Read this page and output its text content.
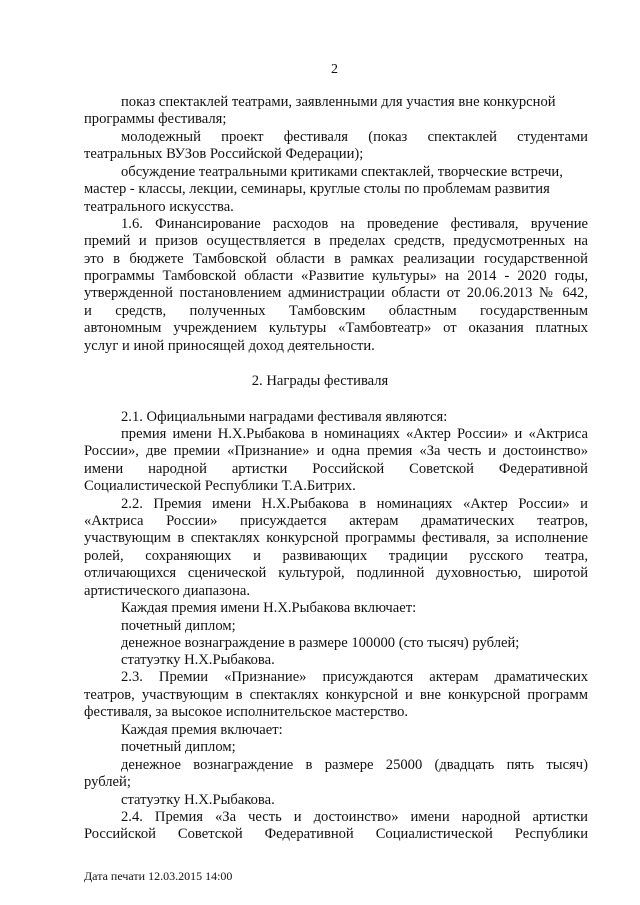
2
показ спектаклей театрами, заявленными для участия вне конкурсной
программы фестиваля;
молодежный проект фестиваля (показ спектаклей студентами
театральных ВУЗов Российской Федерации);
обсуждение театральными критиками спектаклей, творческие встречи,
мастер - классы, лекции, семинары, круглые столы по проблемам развития
театрального искусства.
1.6. Финансирование расходов на проведение фестиваля, вручение
премий и призов осуществляется в пределах средств, предусмотренных на
это в бюджете Тамбовской области в рамках реализации государственной
программы Тамбовской области «Развитие культуры» на 2014 - 2020 годы,
утвержденной постановлением администрации области от 20.06.2013 № 642,
и средств, полученных Тамбовским областным государственным
автономным учреждением культуры «Тамбовтеатр» от оказания платных
услуг и иной приносящей доход деятельности.
2. Награды фестиваля
2.1. Официальными наградами фестиваля являются:
премия имени Н.Х.Рыбакова в номинациях «Актер России» и «Актриса
России», две премии «Признание» и одна премия «За честь и достоинство»
имени народной артистки Российской Советской Федеративной
Социалистической Республики Т.А.Битрих.
2.2. Премия имени Н.Х.Рыбакова в номинациях «Актер России» и
«Актриса России» присуждается актерам драматических театров,
участвующим в спектаклях конкурсной программы фестиваля, за исполнение
ролей, сохраняющих и развивающих традиции русского театра,
отличающихся сценической культурой, подлинной духовностью, широтой
артистического диапазона.
Каждая премия имени Н.Х.Рыбакова включает:
почетный диплом;
денежное вознаграждение в размере 100000 (сто тысяч) рублей;
статуэтку Н.Х.Рыбакова.
2.3. Премии «Признание» присуждаются актерам драматических
театров, участвующим в спектаклях конкурсной и вне конкурсной программ
фестиваля, за высокое исполнительское мастерство.
Каждая премия включает:
почетный диплом;
денежное вознаграждение в размере 25000 (двадцать пять тысяч)
рублей;
статуэтку Н.Х.Рыбакова.
2.4. Премия «За честь и достоинство» имени народной артистки
Российской Советской Федеративной Социалистической Республики
Дата печати 12.03.2015 14:00
